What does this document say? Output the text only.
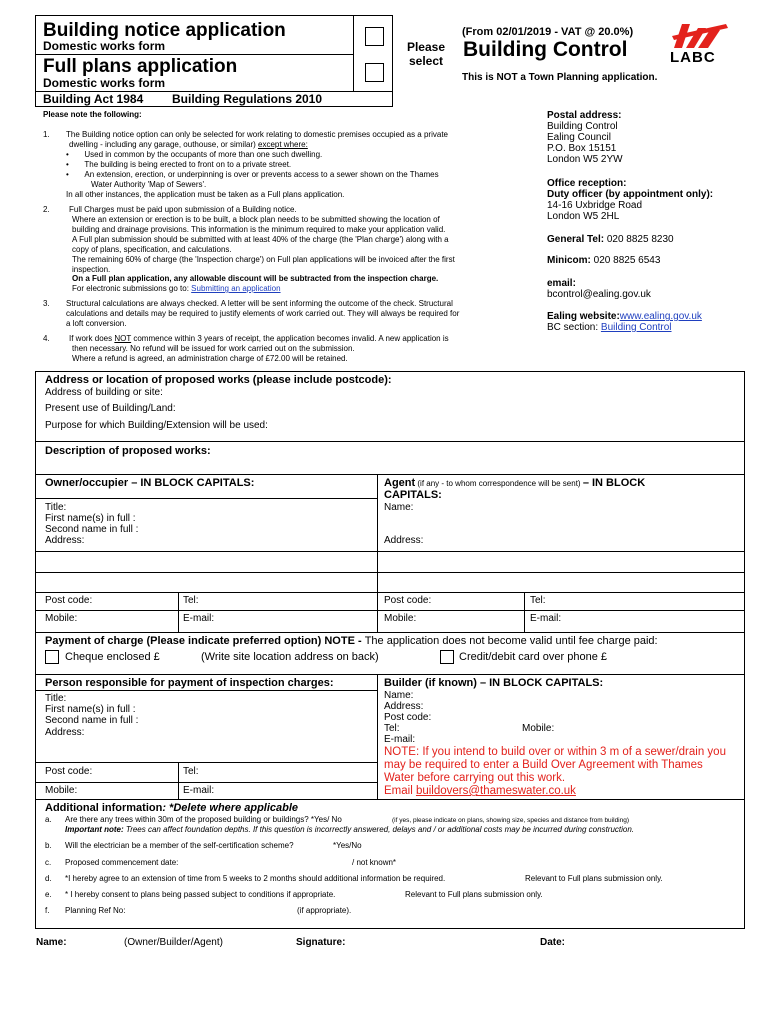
Building notice application
Domestic works form
Full plans application
Domestic works form
Please select
Building Act 1984 Building Regulations 2010
(From 02/01/2019 - VAT @ 20.0%)
Building Control
This is NOT a Town Planning application.
LABC
Please note the following:
1. The Building notice option can only be selected for work relating to domestic premises occupied as a private
dwelling - including any garage, outhouse, or similar) except where:
•       Used in common by the occupants of more than one such dwelling.
•       The building is being erected to front on to a private street.
•       An extension, erection, or underpinning is over or prevents access to a sewer shown on the Thames
Water Authority 'Map of Sewers'.
In all other instances, the application must be taken as a Full plans application.
2. Full Charges must be paid upon submission of a Building notice.
Where an extension or erection is to be built, a block plan needs to be submitted showing the location of
building and drainage provisions. This information is the minimum required to make your application valid.
A Full plan submission should be submitted with at least 40% of the charge (the 'Plan charge') along with a
copy of plans, specification, and calculations.
The remaining 60% of charge (the 'Inspection charge') on Full plan applications will be invoiced after the first
inspection.
On a Full plan application, any allowable discount will be subtracted from the inspection charge.
For electronic submissions go to: Submitting an application
3. Structural calculations are always checked. A letter will be sent informing the outcome of the check. Structural
calculations and details may be required to justify elements of work carried out. They will always be required for
a loft conversion.
4. If work does NOT commence within 3 years of receipt, the application becomes invalid. A new application is
then necessary. No refund will be issued for work carried out on the submission.
Where a refund is agreed, an administration charge of £72.00 will be retained.
Postal address:
Building Control
Ealing Council
P.O. Box 15151
London W5 2YW
Office reception:
Duty officer (by appointment only):
14-16 Uxbridge Road
London W5 2HL
General Tel: 020 8825 8230
Minicom: 020 8825 6543
email:
bcontrol@ealing.gov.uk
Ealing website:www.ealing.gov.uk
BC section: Building Control
Address or location of proposed works (please include postcode):
Address of building or site:
Present use of Building/Land:
Purpose for which Building/Extension will be used:
Description of proposed works:
Owner/occupier – IN BLOCK CAPITALS:
Title:
First name(s) in full :
Second name in full :
Address:
Agent (if any - to whom correspondence will be sent) – IN BLOCK
CAPITALS:
Name:
Address:
Post code:	Tel:
Mobile:	E-mail:
Post code:	Tel:
Mobile:	E-mail:
Payment of charge (Please indicate preferred option) NOTE - The application does not become valid until fee charge paid:
Cheque enclosed £	(Write site location address on back)	Credit/debit card over phone £
Person responsible for payment of inspection charges:
Title:
First name(s) in full :
Second name in full :
Address:
Post code:	Tel:
Mobile:	E-mail:
Builder (if known) – IN BLOCK CAPITALS:
Name:
Address:
Post code:
Tel:	Mobile:
E-mail:
NOTE: If you intend to build over or within 3 m of a sewer/drain you
may be required to enter a Build Over Agreement with Thames
Water before carrying out this work.
Email buildovers@thameswater.co.uk
Additional information: *Delete where applicable
a. Are there any trees within 30m of the proposed building or buildings? *Yes/ No	(if yes, please indicate on plans, showing size, species and distance from building)
Important note: Trees can affect foundation depths. If this question is incorrectly answered, delays and / or additional costs may be incurred during construction.
b. Will the electrician be a member of the self-certification scheme?	*Yes/No
c. Proposed commencement date:	/ not known*
d. *I hereby agree to an extension of time from 5 weeks to 2 months should additional information be required.	Relevant to Full plans submission only.
e. * I hereby consent to plans being passed subject to conditions if appropriate.	Relevant to Full plans submission only.
f. Planning Ref No:	(if appropriate).
Name:	(Owner/Builder/Agent)	Signature:	Date:
